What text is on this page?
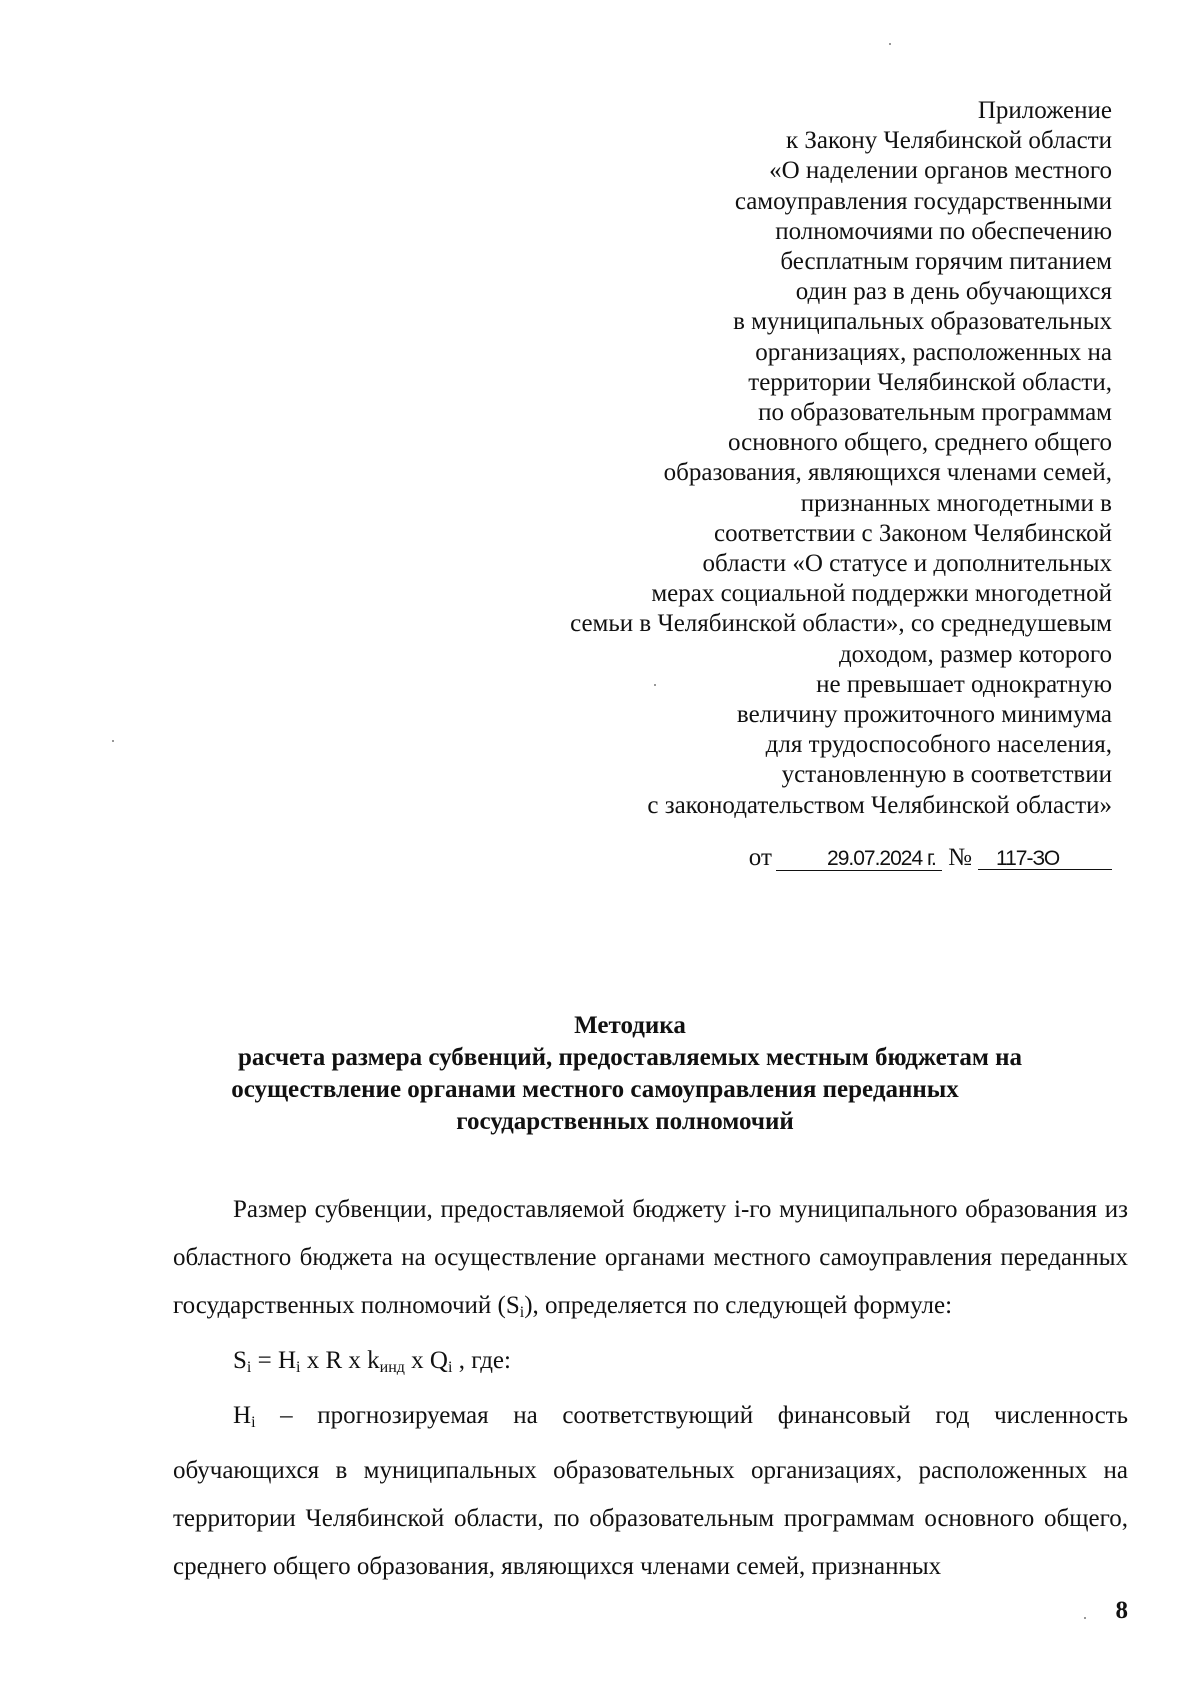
Приложение
к Закону Челябинской области
«О наделении органов местного
самоуправления государственными
полномочиями по обеспечению
бесплатным горячим питанием
один раз в день обучающихся
в муниципальных образовательных
организациях, расположенных на
территории Челябинской области,
по образовательным программам
основного общего, среднего общего
образования, являющихся членами семей,
признанных многодетными в
соответствии с Законом Челябинской
области «О статусе и дополнительных
мерах социальной поддержки многодетной
семьи в Челябинской области», со среднедушевым
доходом, размер которого
не превышает однократную
величину прожиточного минимума
для трудоспособного населения,
установленную в соответствии
с законодательством Челябинской области»
от	29.07.2024 г. № 117-ЗО
Методика
расчета размера субвенций, предоставляемых местным бюджетам на
осуществление органами местного самоуправления переданных
государственных полномочий

Размер субвенции, предоставляемой бюджету i-го муниципального образования из областного бюджета на осуществление органами местного самоуправления переданных государственных полномочий $(S_i)$, определяется по следующей формуле:

$S_i = Н_i$ x R x $k_{инд}$ x $Q_i$ , где:

$Н_i$ – прогнозируемая на соответствующий финансовый год численность обучающихся в муниципальных образовательных организациях, расположенных на территории Челябинской области, по образовательным программам основного общего, среднего общего образования, являющихся членами семей, признанных

8
